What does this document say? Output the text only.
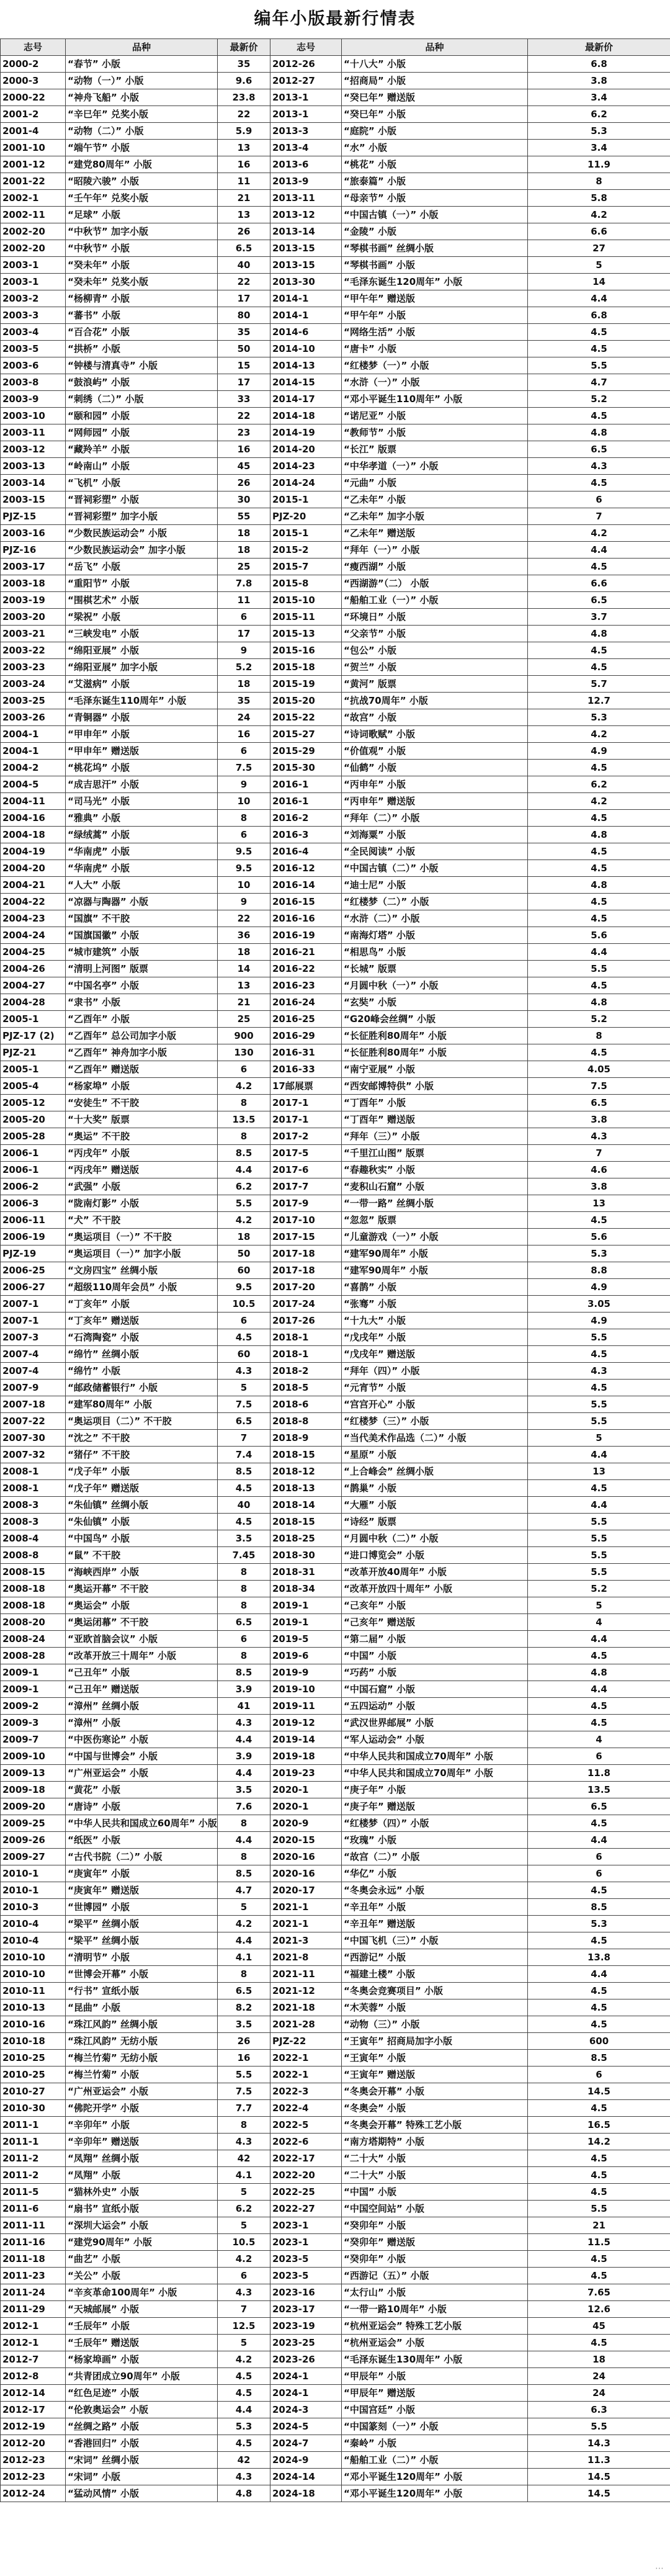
编年小版最新行情表
志号	品种	最新价	志号	品种	最新价
2000-2	“春节” 小版	35	2012-26	“十八大” 小版	6.8
2000-3	“动物（一）” 小版	9.6	2012-27	“招商局” 小版	3.8
2000-22	“神舟飞船” 小版	23.8	2013-1	“癸巳年” 赠送版	3.4
2001-2	“辛巳年” 兑奖小版	22	2013-1	“癸巳年” 小版	6.2
2001-4	“动物（二）” 小版	5.9	2013-3	“庭院” 小版	5.3
2001-10	“端午节” 小版	13	2013-4	“水” 小版	3.4
2001-12	“建党80周年” 小版	16	2013-6	“桃花” 小版	11.9
2001-22	“昭陵六骏” 小版	11	2013-9	“旅泰篇” 小版	8
2002-1	“壬午年” 兑奖小版	21	2013-11	“母亲节” 小版	5.8
2002-11	“足球” 小版	13	2013-12	“中国古镇（一）” 小版	4.2
2002-20	“中秋节” 加字小版	26	2013-14	“金陵” 小版	6.6
2002-20	“中秋节” 小版	6.5	2013-15	“琴棋书画” 丝绸小版	27
2003-1	“癸未年” 小版	40	2013-15	“琴棋书画” 小版	5
2003-1	“癸未年” 兑奖小版	22	2013-30	“毛泽东诞生120周年” 小版	14
2003-2	“杨柳青” 小版	17	2014-1	“甲午年” 赠送版	4.4
2003-3	“蕃书” 小版	80	2014-1	“甲午年” 小版	6.8
2003-4	“百合花” 小版	35	2014-6	“网络生活” 小版	4.5
2003-5	“拱桥” 小版	50	2014-10	“唐卡” 小版	4.5
2003-6	“钟楼与清真寺” 小版	15	2014-13	“红楼梦（一）” 小版	5.5
2003-8	“鼓浪屿” 小版	17	2014-15	“水浒（一）” 小版	4.7
2003-9	“刺绣（二）” 小版	33	2014-17	“邓小平诞生110周年” 小版	5.2
2003-10	“颐和园” 小版	22	2014-18	“诺尼亚” 小版	4.5
2003-11	“网师园” 小版	23	2014-19	“教师节” 小版	4.8
2003-12	“藏羚羊” 小版	16	2014-20	“长江” 版票	6.5
2003-13	“岭南山” 小版	45	2014-23	“中华孝道（一）” 小版	4.3
2003-14	“飞机” 小版	26	2014-24	“元曲” 小版	4.5
2003-15	“晋祠彩塑” 小版	30	2015-1	“乙未年” 小版	6
PJZ-15	“晋祠彩塑” 加字小版	55	PJZ-20	“乙未年” 加字小版	7
2003-16	“少数民族运动会” 小版	18	2015-1	“乙未年” 赠送版	4.2
PJZ-16	“少数民族运动会” 加字小版	18	2015-2	“拜年（一）” 小版	4.4
2003-17	“岳飞” 小版	25	2015-7	“瘦西湖” 小版	4.5
2003-18	“重阳节” 小版	7.8	2015-8	“西湖游”（二） 小版	6.6
2003-19	“围棋艺术” 小版	11	2015-10	“船舶工业（一）” 小版	6.5
2003-20	“梁祝” 小版	6	2015-11	“环境日” 小版	3.7
2003-21	“三峡发电” 小版	17	2015-13	“父亲节” 小版	4.8
2003-22	“绵阳亚展” 小版	9	2015-16	“包公” 小版	4.5
2003-23	“绵阳亚展” 加字小版	5.2	2015-18	“贺兰” 小版	4.5
2003-24	“艾滋病” 小版	18	2015-19	“黄河” 版票	5.7
2003-25	“毛泽东诞生110周年” 小版	35	2015-20	“抗战70周年” 小版	12.7
2003-26	“青铜器” 小版	24	2015-22	“故宫” 小版	5.3
2004-1	“甲申年” 小版	16	2015-27	“诗词歌赋” 小版	4.2
2004-1	“甲申年” 赠送版	6	2015-29	“价值观” 小版	4.9
2004-2	“桃花坞” 小版	7.5	2015-30	“仙鹤” 小版	4.5
2004-5	“成吉思汗” 小版	9	2016-1	“丙申年” 小版	6.2
2004-11	“司马光” 小版	10	2016-1	“丙申年” 赠送版	4.2
2004-16	“雅典” 小版	8	2016-2	“拜年（二）” 小版	4.5
2004-18	“绿绒蒿” 小版	6	2016-3	“刘海粟” 小版	4.8
2004-19	“华南虎” 小版	9.5	2016-4	“全民阅读” 小版	4.5
2004-20	“华南虎” 小版	9.5	2016-12	“中国古镇（二）” 小版	4.5
2004-21	“人大” 小版	10	2016-14	“迪士尼” 小版	4.8
2004-22	“凉器与陶器” 小版	9	2016-15	“红楼梦（二）” 小版	4.5
2004-23	“国旗” 不干胶	22	2016-16	“水浒（二）” 小版	4.5
2004-24	“国旗国徽” 小版	36	2016-19	“南海灯塔” 小版	5.6
2004-25	“城市建筑” 小版	18	2016-21	“相思鸟” 小版	4.4
2004-26	“清明上河图” 版票	14	2016-22	“长城” 版票	5.5
2004-27	“中国名亭” 小版	13	2016-23	“月圆中秋（一）” 小版	4.5
2004-28	“隶书” 小版	21	2016-24	“玄奘” 小版	4.8
2005-1	“乙酉年” 小版	25	2016-25	“G20峰会丝绸” 小版	5.2
PJZ-17 (2)	“乙酉年” 总公司加字小版	900	2016-29	“长征胜利80周年” 小版	8
PJZ-21	“乙酉年” 神舟加字小版	130	2016-31	“长征胜利80周年” 小版	4.5
2005-1	“乙酉年” 赠送版	6	2016-33	“南宁亚展” 小版	4.05
2005-4	“杨家埠” 小版	4.2	17邮展票	“西安邮博特供” 小版	7.5
2005-12	“安徒生” 不干胶	8	2017-1	“丁酉年” 小版	6.5
2005-20	“十大奖” 版票	13.5	2017-1	“丁酉年” 赠送版	3.8
2005-28	“奥运” 不干胶	8	2017-2	“拜年（三）” 小版	4.3
2006-1	“丙戌年” 小版	8.5	2017-5	“千里江山图” 版票	7
2006-1	“丙戌年” 赠送版	4.4	2017-6	“春趣秋实” 小版	4.6
2006-2	“武强” 小版	6.2	2017-7	“麦积山石窟” 小版	3.8
2006-3	“陇南灯影” 小版	5.5	2017-9	“一带一路” 丝绸小版	13
2006-11	“犬” 不干胶	4.2	2017-10	“忽忽” 版票	4.5
2006-19	“奥运项目（一）” 不干胶	18	2017-15	“儿童游戏（一）” 小版	5.6
PJZ-19	“奥运项目（一）” 加字小版	50	2017-18	“建军90周年” 小版	5.3
2006-25	“文房四宝” 丝绸小版	60	2017-18	“建军90周年” 小版	8.8
2006-27	“超级110周年会员” 小版	9.5	2017-20	“喜鹊” 小版	4.9
2007-1	“丁亥年” 小版	10.5	2017-24	“张骞” 小版	3.05
2007-1	“丁亥年” 赠送版	6	2017-26	“十九大” 小版	4.9
2007-3	“石湾陶瓷” 小版	4.5	2018-1	“戊戌年” 小版	5.5
2007-4	“绵竹” 丝绸小版	60	2018-1	“戊戌年” 赠送版	4.5
2007-4	“绵竹” 小版	4.3	2018-2	“拜年（四）” 小版	4.3
2007-9	“邮政储蓄银行” 小版	5	2018-5	“元宵节” 小版	4.5
2007-18	“建军80周年” 小版	7.5	2018-6	“宫宫开心” 小版	5.5
2007-22	“奥运项目（二）” 不干胶	6.5	2018-8	“红楼梦（三）” 小版	5.5
2007-30	“沈之” 不干胶	7	2018-9	“当代美术作品选（二）” 小版	5
2007-32	“猪仔” 不干胶	7.4	2018-15	“星原” 小版	4.4
2008-1	“戊子年” 小版	8.5	2018-12	“上合峰会” 丝绸小版	13
2008-1	“戊子年” 赠送版	4.5	2018-13	“鹊巢” 小版	4.5
2008-3	“朱仙镇” 丝绸小版	40	2018-14	“大雁” 小版	4.4
2008-3	“朱仙镇” 小版	4.5	2018-15	“诗经” 版票	5.5
2008-4	“中国鸟” 小版	3.5	2018-25	“月圆中秋（二）” 小版	5.5
2008-8	“鼠” 不干胶	7.45	2018-30	“进口博览会” 小版	5.5
2008-15	“海峡西岸” 小版	8	2018-31	“改革开放40周年” 小版	5.5
2008-18	“奥运开幕” 不干胶	8	2018-34	“改革开放四十周年” 小版	5.2
2008-18	“奥运会” 小版	8	2019-1	“己亥年” 小版	5
2008-20	“奥运闭幕” 不干胶	6.5	2019-1	“己亥年” 赠送版	4
2008-24	“亚欧首脑会议” 小版	6	2019-5	“第二届” 小版	4.4
2008-28	“改革开放三十周年” 小版	8	2019-6	“中国” 小版	4.5
2009-1	“己丑年” 小版	8.5	2019-9	“巧药” 小版	4.8
2009-1	“己丑年” 赠送版	3.9	2019-10	“中国石窟” 小版	4.4
2009-2	“漳州” 丝绸小版	41	2019-11	“五四运动” 小版	4.5
2009-3	“漳州” 小版	4.3	2019-12	“武汉世界邮展” 小版	4.5
2009-7	“中医伤寒论” 小版	4.4	2019-14	“军人运动会” 小版	4
2009-10	“中国与世博会” 小版	3.9	2019-18	“中华人民共和国成立70周年” 小版	6
2009-13	“广州亚运会” 小版	4.4	2019-23	“中华人民共和国成立70周年” 小版	11.8
2009-18	“黄花” 小版	3.5	2020-1	“庚子年” 小版	13.5
2009-20	“唐诗” 小版	7.6	2020-1	“庚子年” 赠送版	6.5
2009-25	“中华人民共和国成立60周年” 小版	8	2020-9	“红楼梦（四）” 小版	4.5
2009-26	“纸医” 小版	4.4	2020-15	“玫瑰” 小版	4.4
2009-27	“古代书院（二）” 小版	8	2020-16	“故宫（二）” 小版	6
2010-1	“庚寅年” 小版	8.5	2020-16	“华亿” 小版	6
2010-1	“庚寅年” 赠送版	4.7	2020-17	“冬奥会永远” 小版	4.5
2010-3	“世博园” 小版	5	2021-1	“辛丑年” 小版	8.5
2010-4	“梁平” 丝绸小版	4.2	2021-1	“辛丑年” 赠送版	5.3
2010-4	“梁平” 丝绸小版	4.4	2021-3	“中国飞机（三）” 小版	4.5
2010-10	“清明节” 小版	4.1	2021-8	“西游记” 小版	13.8
2010-10	“世博会开幕” 小版	8	2021-11	“福建土楼” 小版	4.4
2010-11	“行书” 宣纸小版	6.5	2021-12	“冬奥会竞赛项目” 小版	4.5
2010-13	“昆曲” 小版	8.2	2021-18	“木芙蓉” 小版	4.5
2010-16	“珠江风韵” 丝绸小版	3.5	2021-28	“动物（三）” 小版	4.5
2010-18	“珠江风韵” 无纺小版	26	PJZ-22	“王寅年” 招商局加字小版	600
2010-25	“梅兰竹菊” 无纺小版	16	2022-1	“王寅年” 小版	8.5
2010-25	“梅兰竹菊” 小版	5.5	2022-1	“王寅年” 赠送版	6
2010-27	“广州亚运会” 小版	7.5	2022-3	“冬奥会开幕” 小版	14.5
2010-30	“佛陀开学” 小版	7.7	2022-4	“冬奥会” 小版	4.5
2011-1	“辛卯年” 小版	8	2022-5	“冬奥会开幕” 特殊工艺小版	16.5
2011-1	“辛卯年” 赠送版	4.3	2022-6	“南方塔期特” 小版	14.2
2011-2	“凤翔” 丝绸小版	42	2022-17	“二十大” 小版	4.5
2011-2	“凤翔” 小版	4.1	2022-20	“二十大” 小版	4.5
2011-5	“猫林外史” 小版	5	2022-25	“中国” 小版	4.5
2011-6	“扇书” 宣纸小版	6.2	2022-27	“中国空间站” 小版	5.5
2011-11	“深圳大运会” 小版	5	2023-1	“癸卯年” 小版	21
2011-16	“建党90周年” 小版	10.5	2023-1	“癸卯年” 赠送版	11.5
2011-18	“曲艺” 小版	4.2	2023-5	“癸卯年” 小版	4.5
2011-23	“关公” 小版	6	2023-5	“西游记（五）” 小版	4.5
2011-24	“辛亥革命100周年” 小版	4.3	2023-16	“太行山” 小版	7.65
2011-29	“天城邮展” 小版	7	2023-17	“一带一路10周年” 小版	12.6
2012-1	“壬辰年” 小版	12.5	2023-19	“杭州亚运会” 特殊工艺小版	45
2012-1	“壬辰年” 赠送版	5	2023-25	“杭州亚运会” 小版	4.5
2012-7	“杨家埠画” 小版	4.2	2023-26	“毛泽东诞生130周年” 小版	18
2012-8	“共青团成立90周年” 小版	4.5	2024-1	“甲辰年” 小版	24
2012-14	“红色足迹” 小版	4.5	2024-1	“甲辰年” 赠送版	24
2012-17	“伦敦奥运会” 小版	4.4	2024-3	“中国宫廷” 小版	6.3
2012-19	“丝绸之路” 小版	5.3	2024-5	“中国篆刻（一）” 小版	5.5
2012-20	“香港回归” 小版	4.5	2024-7	“秦岭” 小版	14.3
2012-23	“宋词” 丝绸小版	42	2024-9	“船舶工业（二）” 小版	11.3
2012-23	“宋词” 小版	4.3	2024-14	“邓小平诞生120周年” 小版	14.5
2012-24	“猛动风情” 小版	4.8	2024-18	“邓小平诞生120周年” 小版	14.5
⋯
